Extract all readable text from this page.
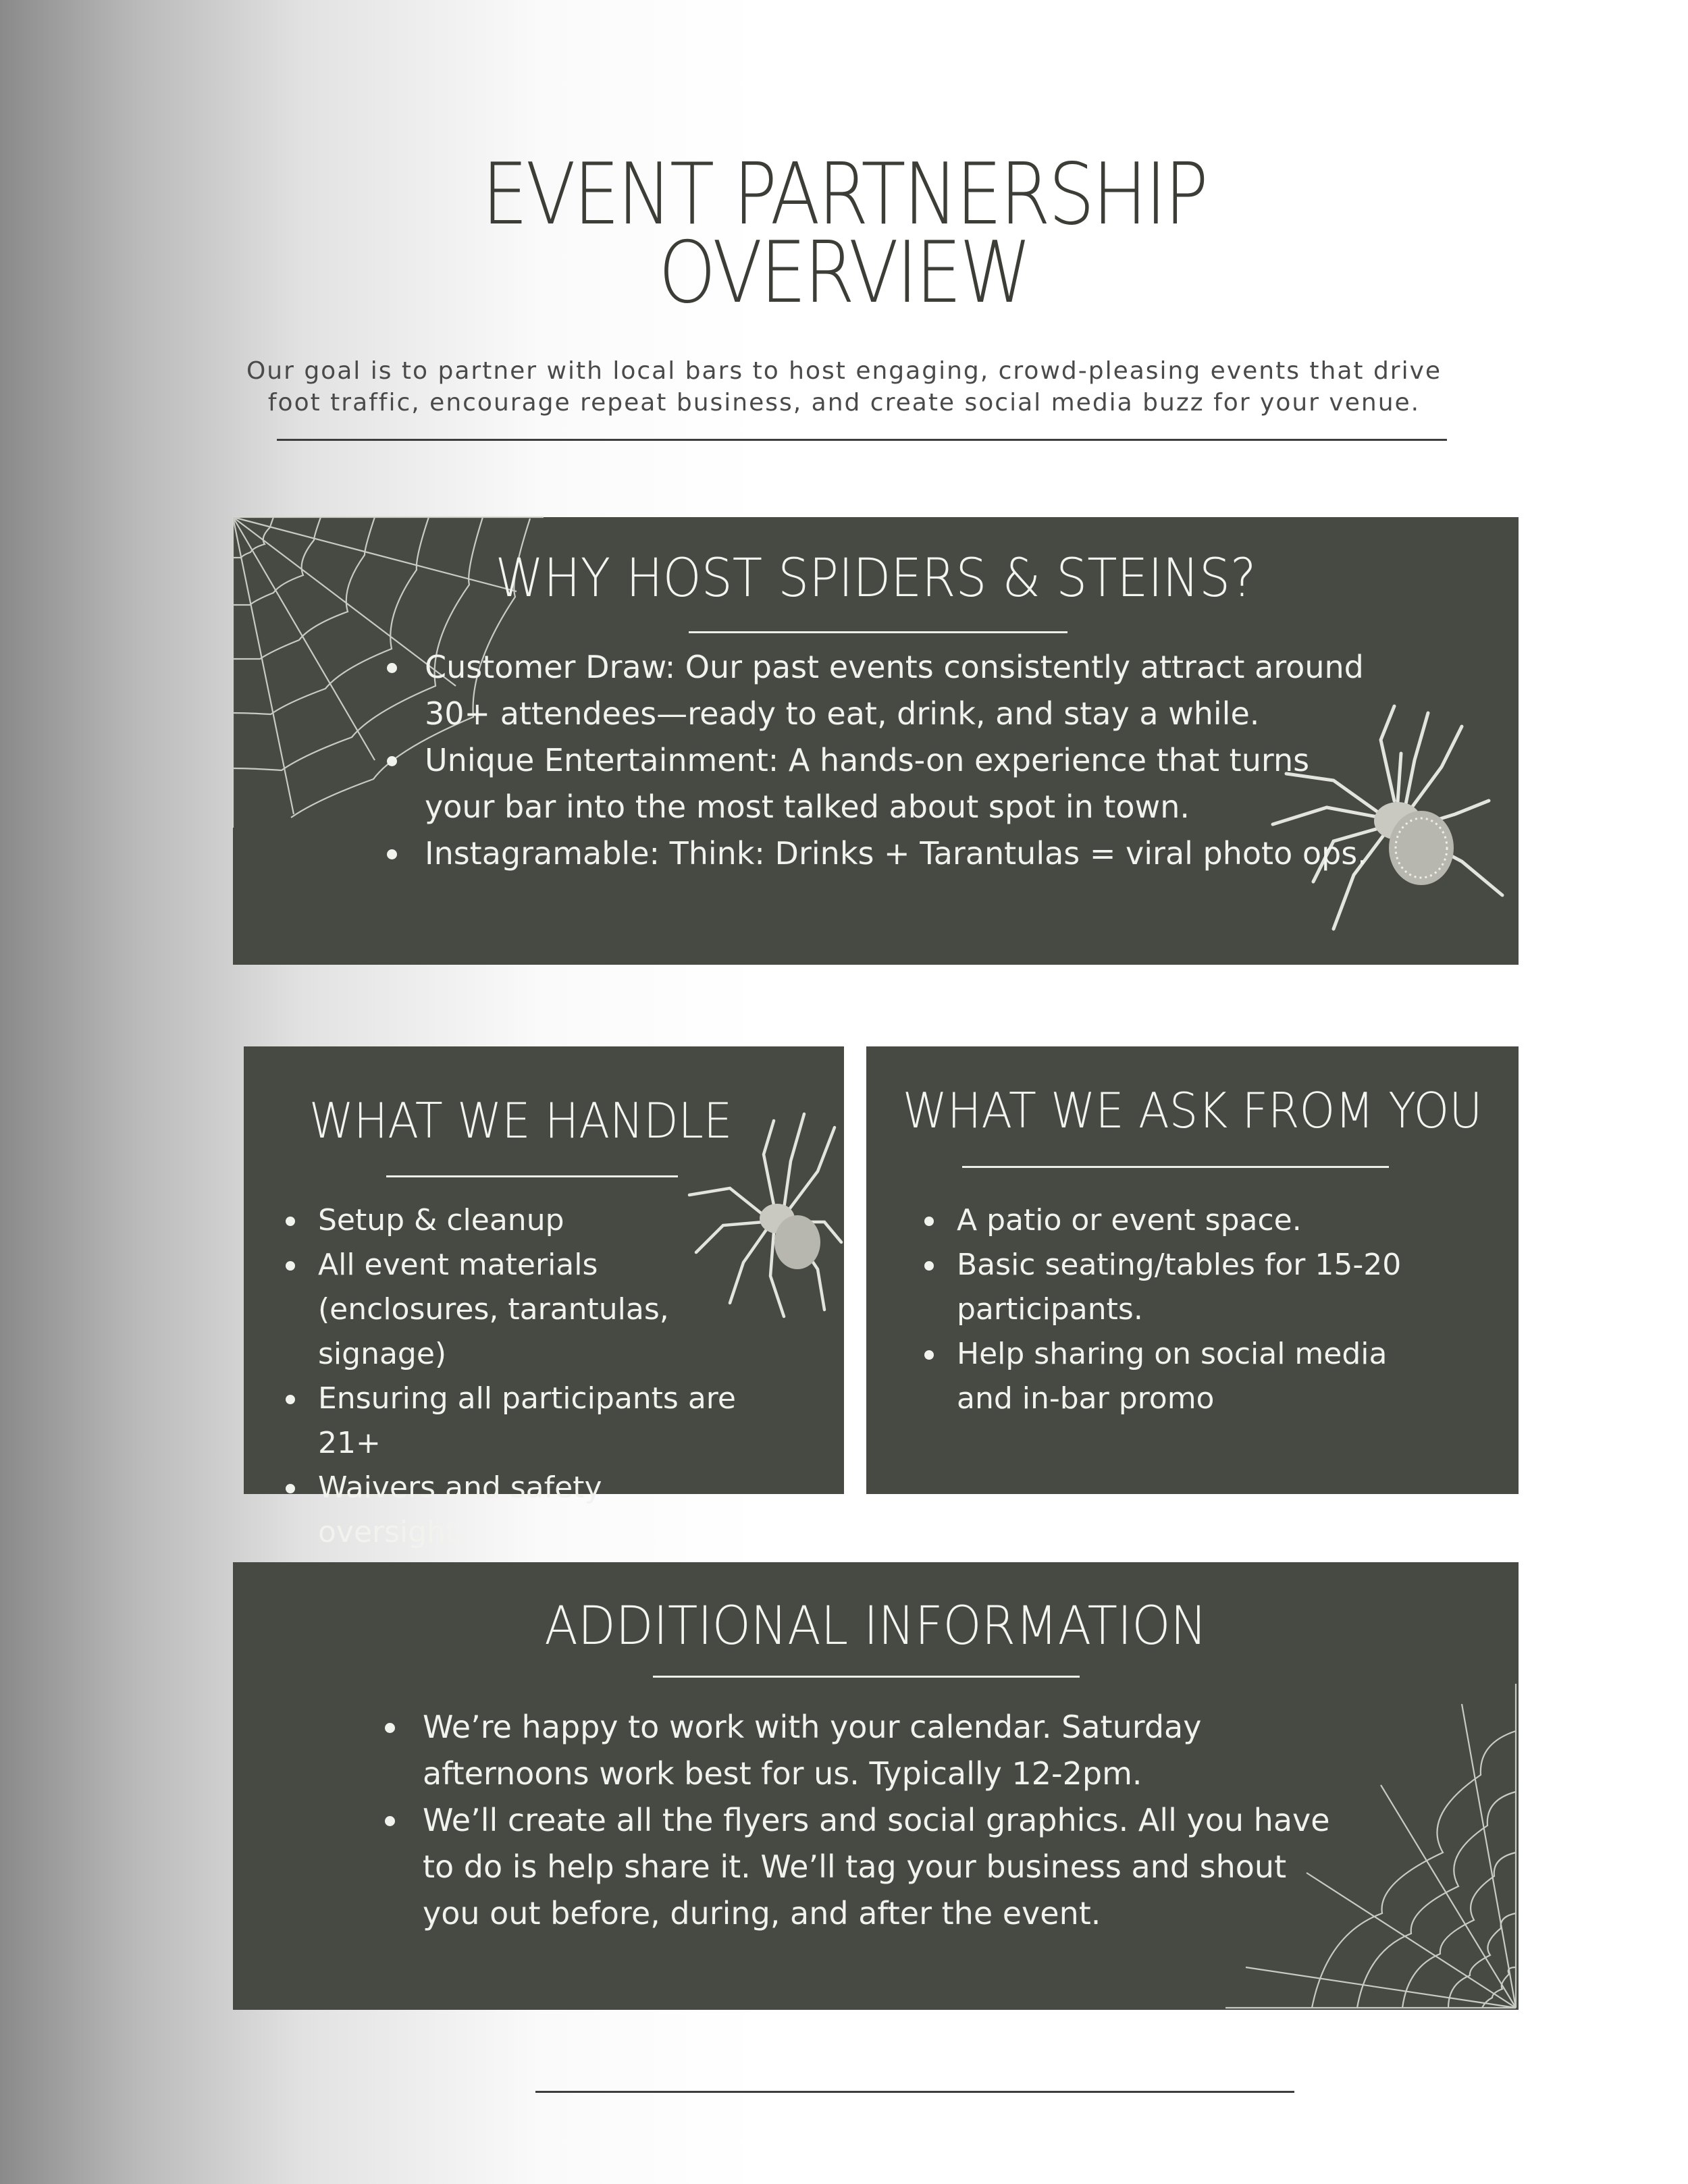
EVENT PARTNERSHIP
OVERVIEW
Our goal is to partner with local bars to host engaging, crowd-pleasing events that drive
foot traffic, encourage repeat business, and create social media buzz for your venue.
WHY HOST SPIDERS & STEINS?
Customer Draw: Our past events consistently attract around 30+ attendees—ready to eat, drink, and stay a while.
Unique Entertainment: A hands-on experience that turns your bar into the most talked about spot in town.
Instagramable: Think: Drinks + Tarantulas = viral photo ops.
WHAT WE HANDLE
Setup & cleanup
All event materials (enclosures, tarantulas, signage)
Ensuring all participants are 21+
Waivers and safety oversight.
WHAT WE ASK FROM YOU
A patio or event space.
Basic seating/tables for 15-20 participants.
Help sharing on social media and in-bar promo
ADDITIONAL INFORMATION
We’re happy to work with your calendar. Saturday afternoons work best for us. Typically 12-2pm.
We’ll create all the flyers and social graphics. All you have to do is help share it. We’ll tag your business and shout you out before, during, and after the event.
